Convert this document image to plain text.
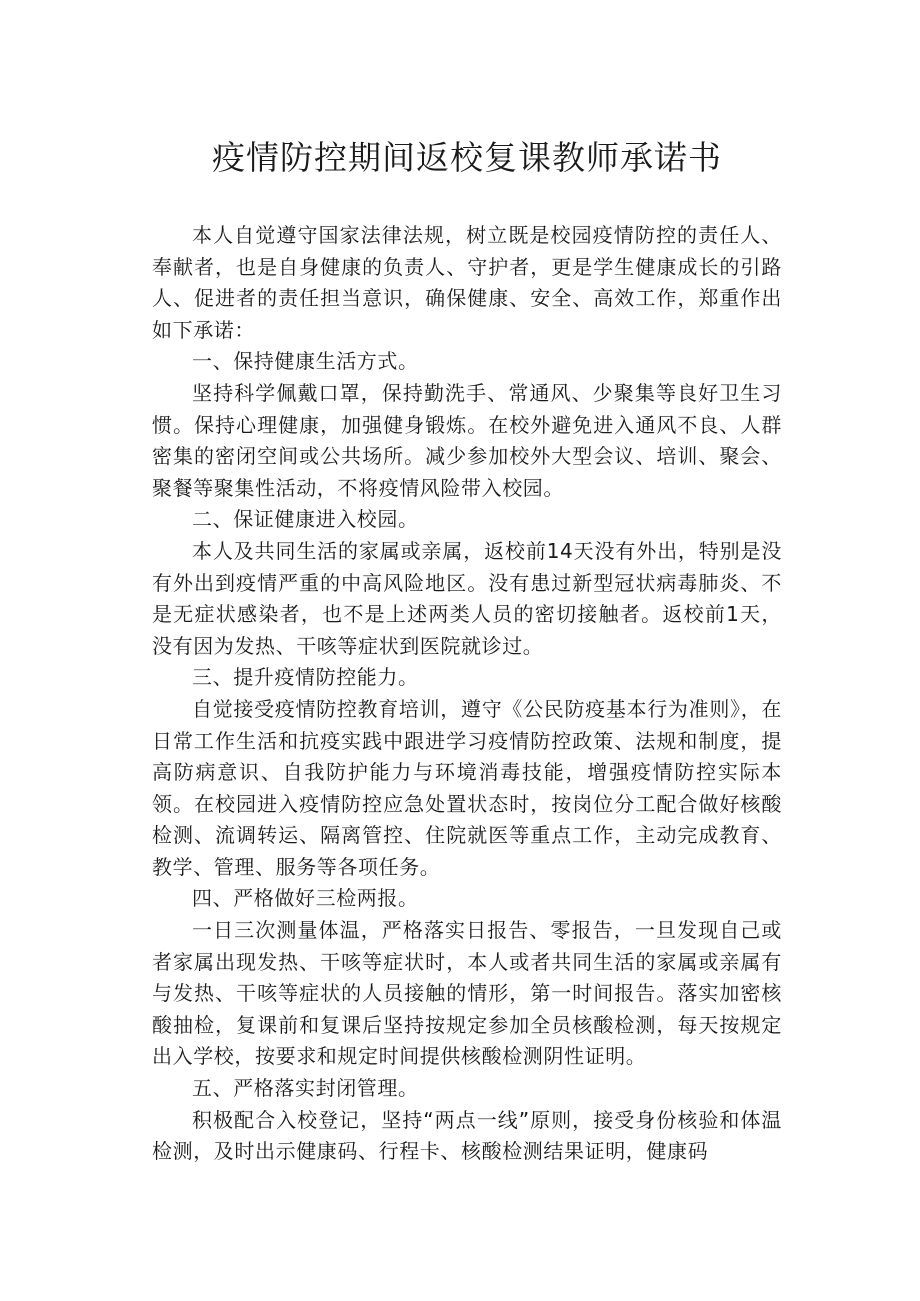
疫情防控期间返校复课教师承诺书

本人自觉遵守国家法律法规，树立既是校园疫情防控的责任人、奉献者，也是自身健康的负责人、守护者，更是学生健康成长的引路人、促进者的责任担当意识，确保健康、安全、高效工作，郑重作出如下承诺：

一、保持健康生活方式。

坚持科学佩戴口罩，保持勤洗手、常通风、少聚集等良好卫生习惯。保持心理健康，加强健身锻炼。在校外避免进入通风不良、人群密集的密闭空间或公共场所。减少参加校外大型会议、培训、聚会、聚餐等聚集性活动，不将疫情风险带入校园。

二、保证健康进入校园。

本人及共同生活的家属或亲属，返校前14天没有外出，特别是没有外出到疫情严重的中高风险地区。没有患过新型冠状病毒肺炎、不是无症状感染者，也不是上述两类人员的密切接触者。返校前1天，没有因为发热、干咳等症状到医院就诊过。

三、提升疫情防控能力。

自觉接受疫情防控教育培训，遵守《公民防疫基本行为准则》，在日常工作生活和抗疫实践中跟进学习疫情防控政策、法规和制度，提高防病意识、自我防护能力与环境消毒技能，增强疫情防控实际本领。在校园进入疫情防控应急处置状态时，按岗位分工配合做好核酸检测、流调转运、隔离管控、住院就医等重点工作，主动完成教育、教学、管理、服务等各项任务。

四、严格做好三检两报。

一日三次测量体温，严格落实日报告、零报告，一旦发现自己或者家属出现发热、干咳等症状时，本人或者共同生活的家属或亲属有与发热、干咳等症状的人员接触的情形，第一时间报告。落实加密核酸抽检，复课前和复课后坚持按规定参加全员核酸检测，每天按规定出入学校，按要求和规定时间提供核酸检测阴性证明。

五、严格落实封闭管理。

积极配合入校登记，坚持“两点一线”原则，接受身份核验和体温检测，及时出示健康码、行程卡、核酸检测结果证明，健康码
